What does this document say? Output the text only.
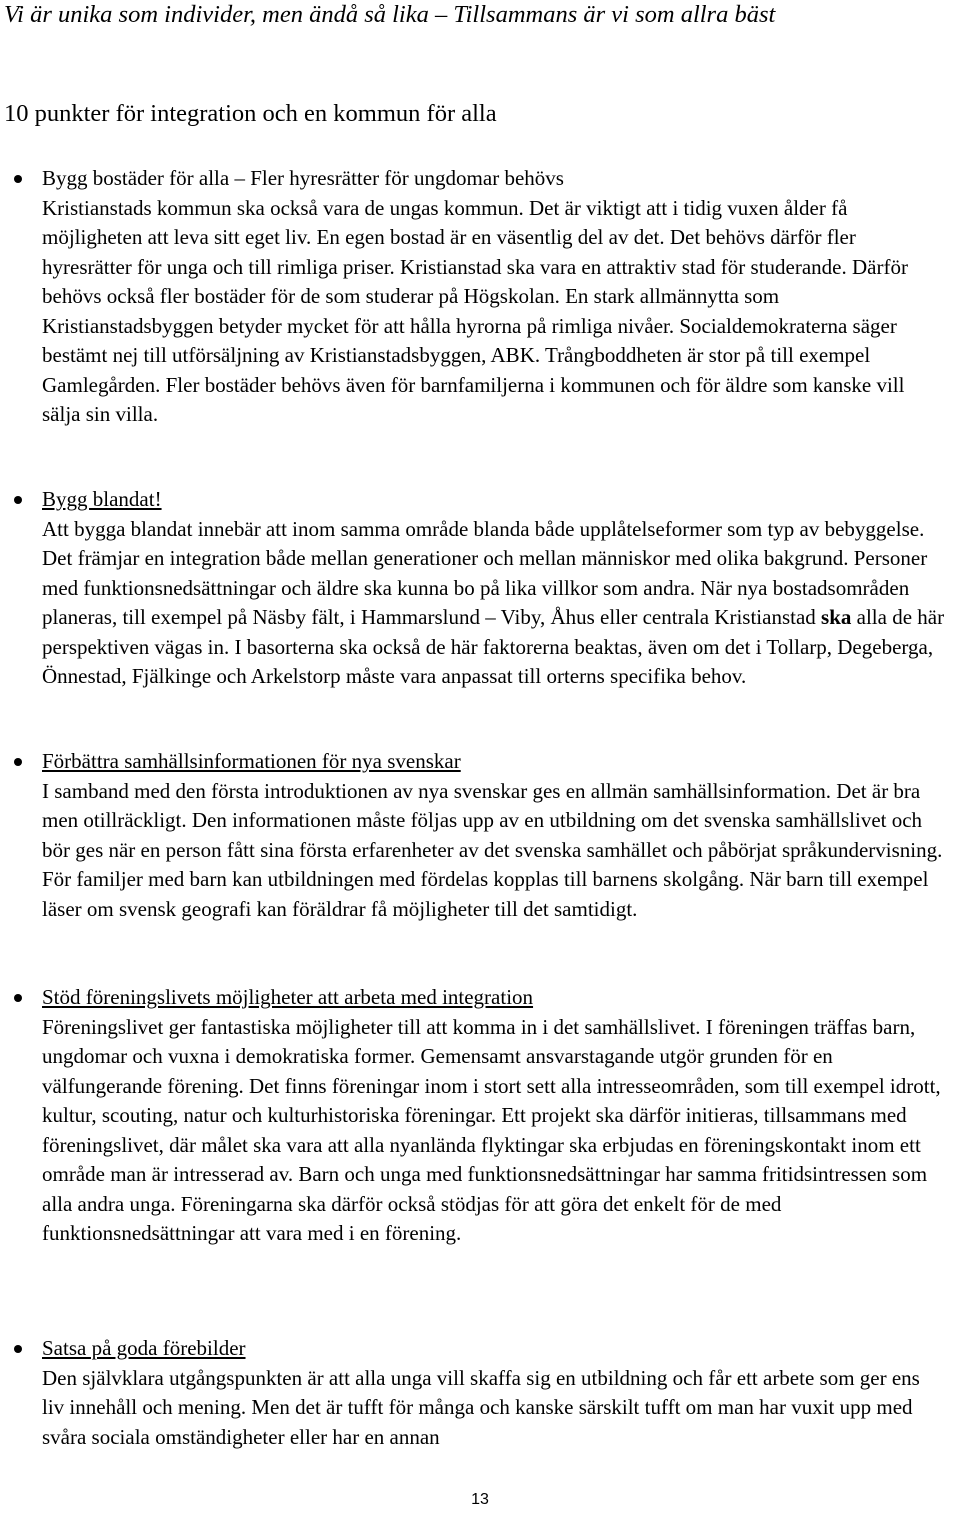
Vi är unika som individer, men ändå så lika – Tillsammans är vi som allra bäst
10 punkter för integration och en kommun för alla

Bygg bostäder för alla – Fler hyresrätter för ungdomar behövs

Kristianstads kommun ska också vara de ungas kommun. Det är viktigt att i tidig vuxen ålder få möjligheten att leva sitt eget liv. En egen bostad är en väsentlig del av det. Det behövs därför fler hyresrätter för unga och till rimliga priser. Kristianstad ska vara en attraktiv stad för studerande. Därför behövs också fler bostäder för de som studerar på Högskolan. En stark allmännytta som Kristianstadsbyggen betyder mycket för att hålla hyrorna på rimliga nivåer. Socialdemokraterna säger bestämt nej till utförsäljning av Kristianstadsbyggen, ABK. Trångboddheten är stor på till exempel Gamlegården. Fler bostäder behövs även för barnfamiljerna i kommunen och för äldre som kanske vill sälja sin villa.

Bygg blandat!

Att bygga blandat innebär att inom samma område blanda både upplåtelseformer som typ av bebyggelse. Det främjar en integration både mellan generationer och mellan människor med olika bakgrund. Personer med funktionsnedsättningar och äldre ska kunna bo på lika villkor som andra. När nya bostadsområden planeras, till exempel på Näsby fält, i Hammarslund – Viby, Åhus eller centrala Kristianstad ska alla de här perspektiven vägas in. I basorterna ska också de här faktorerna beaktas, även om det i Tollarp, Degeberga, Önnestad, Fjälkinge och Arkelstorp måste vara anpassat till orterns specifika behov.

Förbättra samhällsinformationen för nya svenskar

I samband med den första introduktionen av nya svenskar ges en allmän samhällsinformation. Det är bra men otillräckligt. Den informationen måste följas upp av en utbildning om det svenska samhällslivet och bör ges när en person fått sina första erfarenheter av det svenska samhället och påbörjat språkundervisning. För familjer med barn kan utbildningen med fördelas kopplas till barnens skolgång. När barn till exempel läser om svensk geografi kan föräldrar få möjligheter till det samtidigt.

Stöd föreningslivets möjligheter att arbeta med integration

Föreningslivet ger fantastiska möjligheter till att komma in i det samhällslivet. I föreningen träffas barn, ungdomar och vuxna i demokratiska former. Gemensamt ansvarstagande utgör grunden för en välfungerande förening. Det finns föreningar inom i stort sett alla intresseområden, som till exempel idrott, kultur, scouting, natur och kulturhistoriska föreningar. Ett projekt ska därför initieras, tillsammans med föreningslivet, där målet ska vara att alla nyanlända flyktingar ska erbjudas en föreningskontakt inom ett område man är intresserad av. Barn och unga med funktionsnedsättningar har samma fritidsintressen som alla andra unga. Föreningarna ska därför också stödjas för att göra det enkelt för de med funktionsnedsättningar att vara med i en förening.

Satsa på goda förebilder

Den självklara utgångspunkten är att alla unga vill skaffa sig en utbildning och får ett arbete som ger ens liv innehåll och mening. Men det är tufft för många och kanske särskilt tufft om man har vuxit upp med svåra sociala omständigheter eller har en annan

13
